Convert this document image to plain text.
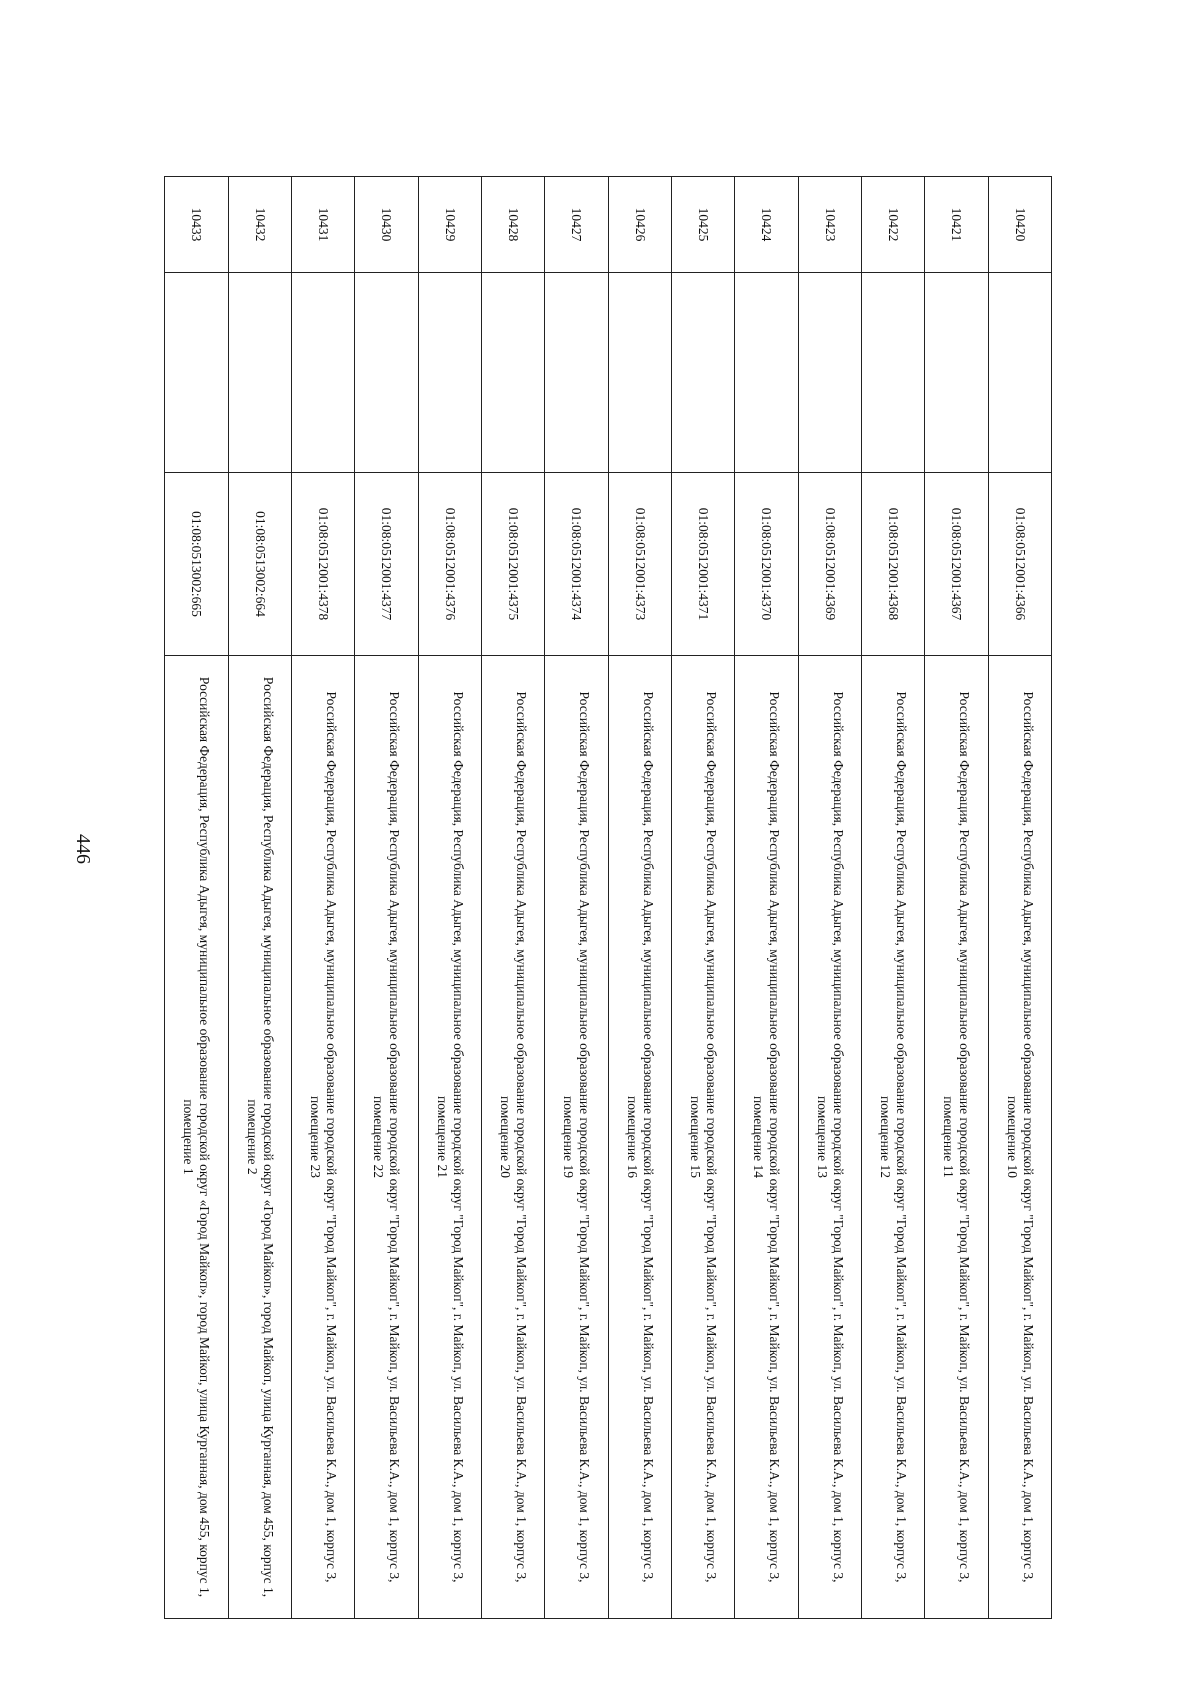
446
10420		01:08:0512001:4366	Российская Федерация, Республика Адыгея, муниципальное образование городской округ "Город Майкоп", г. Майкоп, ул. Васильева К.А., дом 1, корпус 3, помещение 10
10421		01:08:0512001:4367	Российская Федерация, Республика Адыгея, муниципальное образование городской округ "Город Майкоп", г. Майкоп, ул. Васильева К.А., дом 1, корпус 3, помещение 11
10422		01:08:0512001:4368	Российская Федерация, Республика Адыгея, муниципальное образование городской округ "Город Майкоп", г. Майкоп, ул. Васильева К.А., дом 1, корпус 3, помещение 12
10423		01:08:0512001:4369	Российская Федерация, Республика Адыгея, муниципальное образование городской округ "Город Майкоп", г. Майкоп, ул. Васильева К.А., дом 1, корпус 3, помещение 13
10424		01:08:0512001:4370	Российская Федерация, Республика Адыгея, муниципальное образование городской округ "Город Майкоп", г. Майкоп, ул. Васильева К.А., дом 1, корпус 3, помещение 14
10425		01:08:0512001:4371	Российская Федерация, Республика Адыгея, муниципальное образование городской округ "Город Майкоп", г. Майкоп, ул. Васильева К.А., дом 1, корпус 3, помещение 15
10426		01:08:0512001:4373	Российская Федерация, Республика Адыгея, муниципальное образование городской округ "Город Майкоп", г. Майкоп, ул. Васильева К.А., дом 1, корпус 3, помещение 16
10427		01:08:0512001:4374	Российская Федерация, Республика Адыгея, муниципальное образование городской округ "Город Майкоп", г. Майкоп, ул. Васильева К.А., дом 1, корпус 3, помещение 19
10428		01:08:0512001:4375	Российская Федерация, Республика Адыгея, муниципальное образование городской округ "Город Майкоп", г. Майкоп, ул. Васильева К.А., дом 1, корпус 3, помещение 20
10429		01:08:0512001:4376	Российская Федерация, Республика Адыгея, муниципальное образование городской округ "Город Майкоп", г. Майкоп, ул. Васильева К.А., дом 1, корпус 3, помещение 21
10430		01:08:0512001:4377	Российская Федерация, Республика Адыгея, муниципальное образование городской округ "Город Майкоп", г. Майкоп, ул. Васильева К.А., дом 1, корпус 3, помещение 22
10431		01:08:0512001:4378	Российская Федерация, Республика Адыгея, муниципальное образование городской округ "Город Майкоп", г. Майкоп, ул. Васильева К.А., дом 1, корпус 3, помещение 23
10432		01:08:0513002:664	Российская Федерация, Республика Адыгея, муниципальное образование городской округ «Город Майкоп», город Майкоп, улица Курганная, дом 455, корпус 1, помещение 2
10433		01:08:0513002:665	Российская Федерация, Республика Адыгея, муниципальное образование городской округ «Город Майкоп», город Майкоп, улица Курганная, дом 455, корпус 1, помещение 1
